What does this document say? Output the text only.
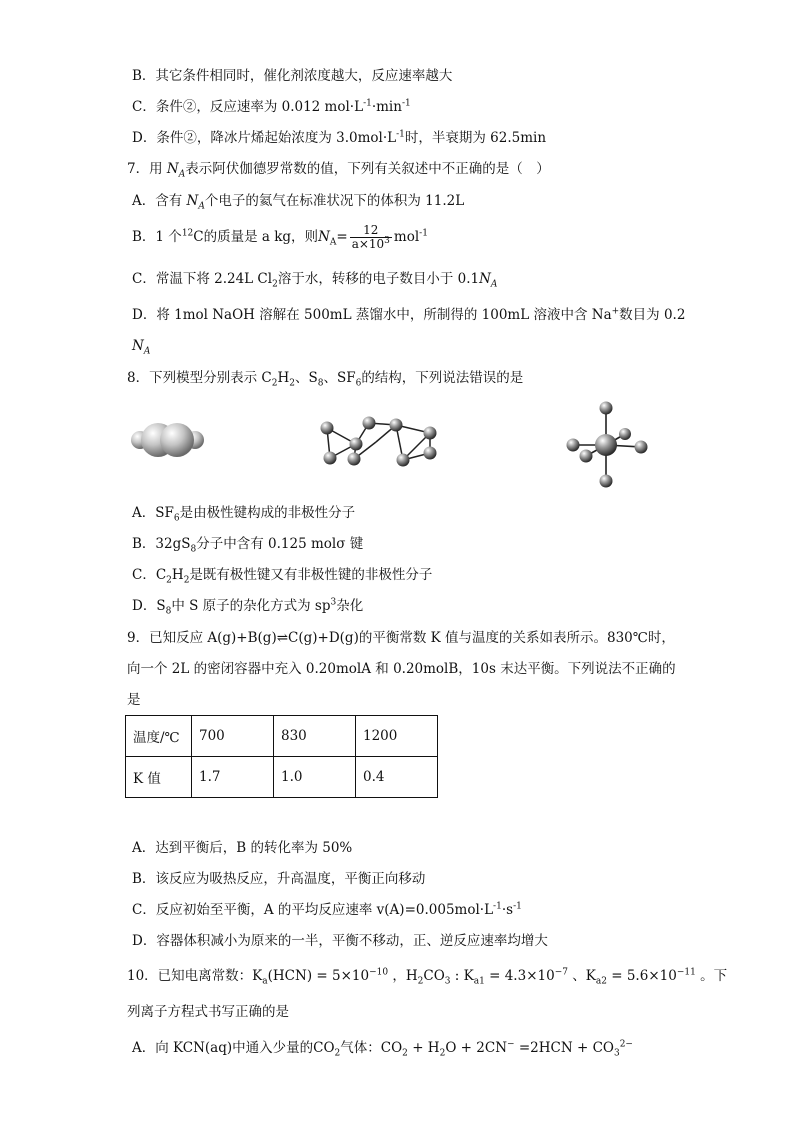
B．其它条件相同时，催化剂浓度越大，反应速率越大
C．条件②，反应速率为 0.012 $mol\cdot L^{-1}\cdot\min^{-1}$
D．条件②，降冰片烯起始浓度为 $3.0mol\cdot L^{-1}$时，半衰期为 62.5min
7．用 $N_A$表示阿伏伽德罗常数的值，下列有关叙述中不正确的是（　）
A．含有 $N_A$个电子的氦气在标准状况下的体积为 11.2L
B．1 个$^{12}$C的质量是 a kg，则$N_A= \frac{12}{a\times 10^3} mol^{-1}$
C．常温下将 2.24L $Cl_2$溶于水，转移的电子数目小于 $0.1N_A$
D．将 1mol NaOH 溶解在 500mL 蒸馏水中，所制得的 100mL 溶液中含 Na+数目为 0.2
$N_A$
8．下列模型分别表示 $C_2H_2$、$S_8$、$SF_6$的结构，下列说法错误的是
A．$SF_6$是由极性键构成的非极性分子
B．$32gS_8$分子中含有 0.125 molσ 键
C．$C_2H_2$是既有极性键又有非极性键的非极性分子
D．$S_8$中 S 原子的杂化方式为 $sp^3$杂化
9．已知反应 A(g)+B(g)⇌C(g)+D(g)的平衡常数 K 值与温度的关系如表所示。830℃时，
向一个 2L 的密闭容器中充入 0.20molA 和 0.20molB，10s 末达平衡。下列说法不正确的
是
温度/℃	700	830	1200
K 值	1.7	1.0	0.4
A．达到平衡后，B 的转化率为 50%
B．该反应为吸热反应，升高温度，平衡正向移动
C．反应初始至平衡，A 的平均反应速率 $v(A)=0.005mol\cdot L^{-1}\cdot s^{-1}$
D．容器体积减小为原来的一半，平衡不移动，正、逆反应速率均增大
10．已知电离常数：$K_a(HCN) = 5\times 10^{-10}$ ，$H_2CO_3$ : $K_{a1} = 4.3\times 10^{-7}$ 、$K_{a2} = 5.6\times 10^{-11}$ 。下
列离子方程式书写正确的是
A．向 KCN(aq)中通入少量的$CO_2$气体：$CO_2 + H_2O + 2CN^- =2HCN + CO_3^{2-}$
